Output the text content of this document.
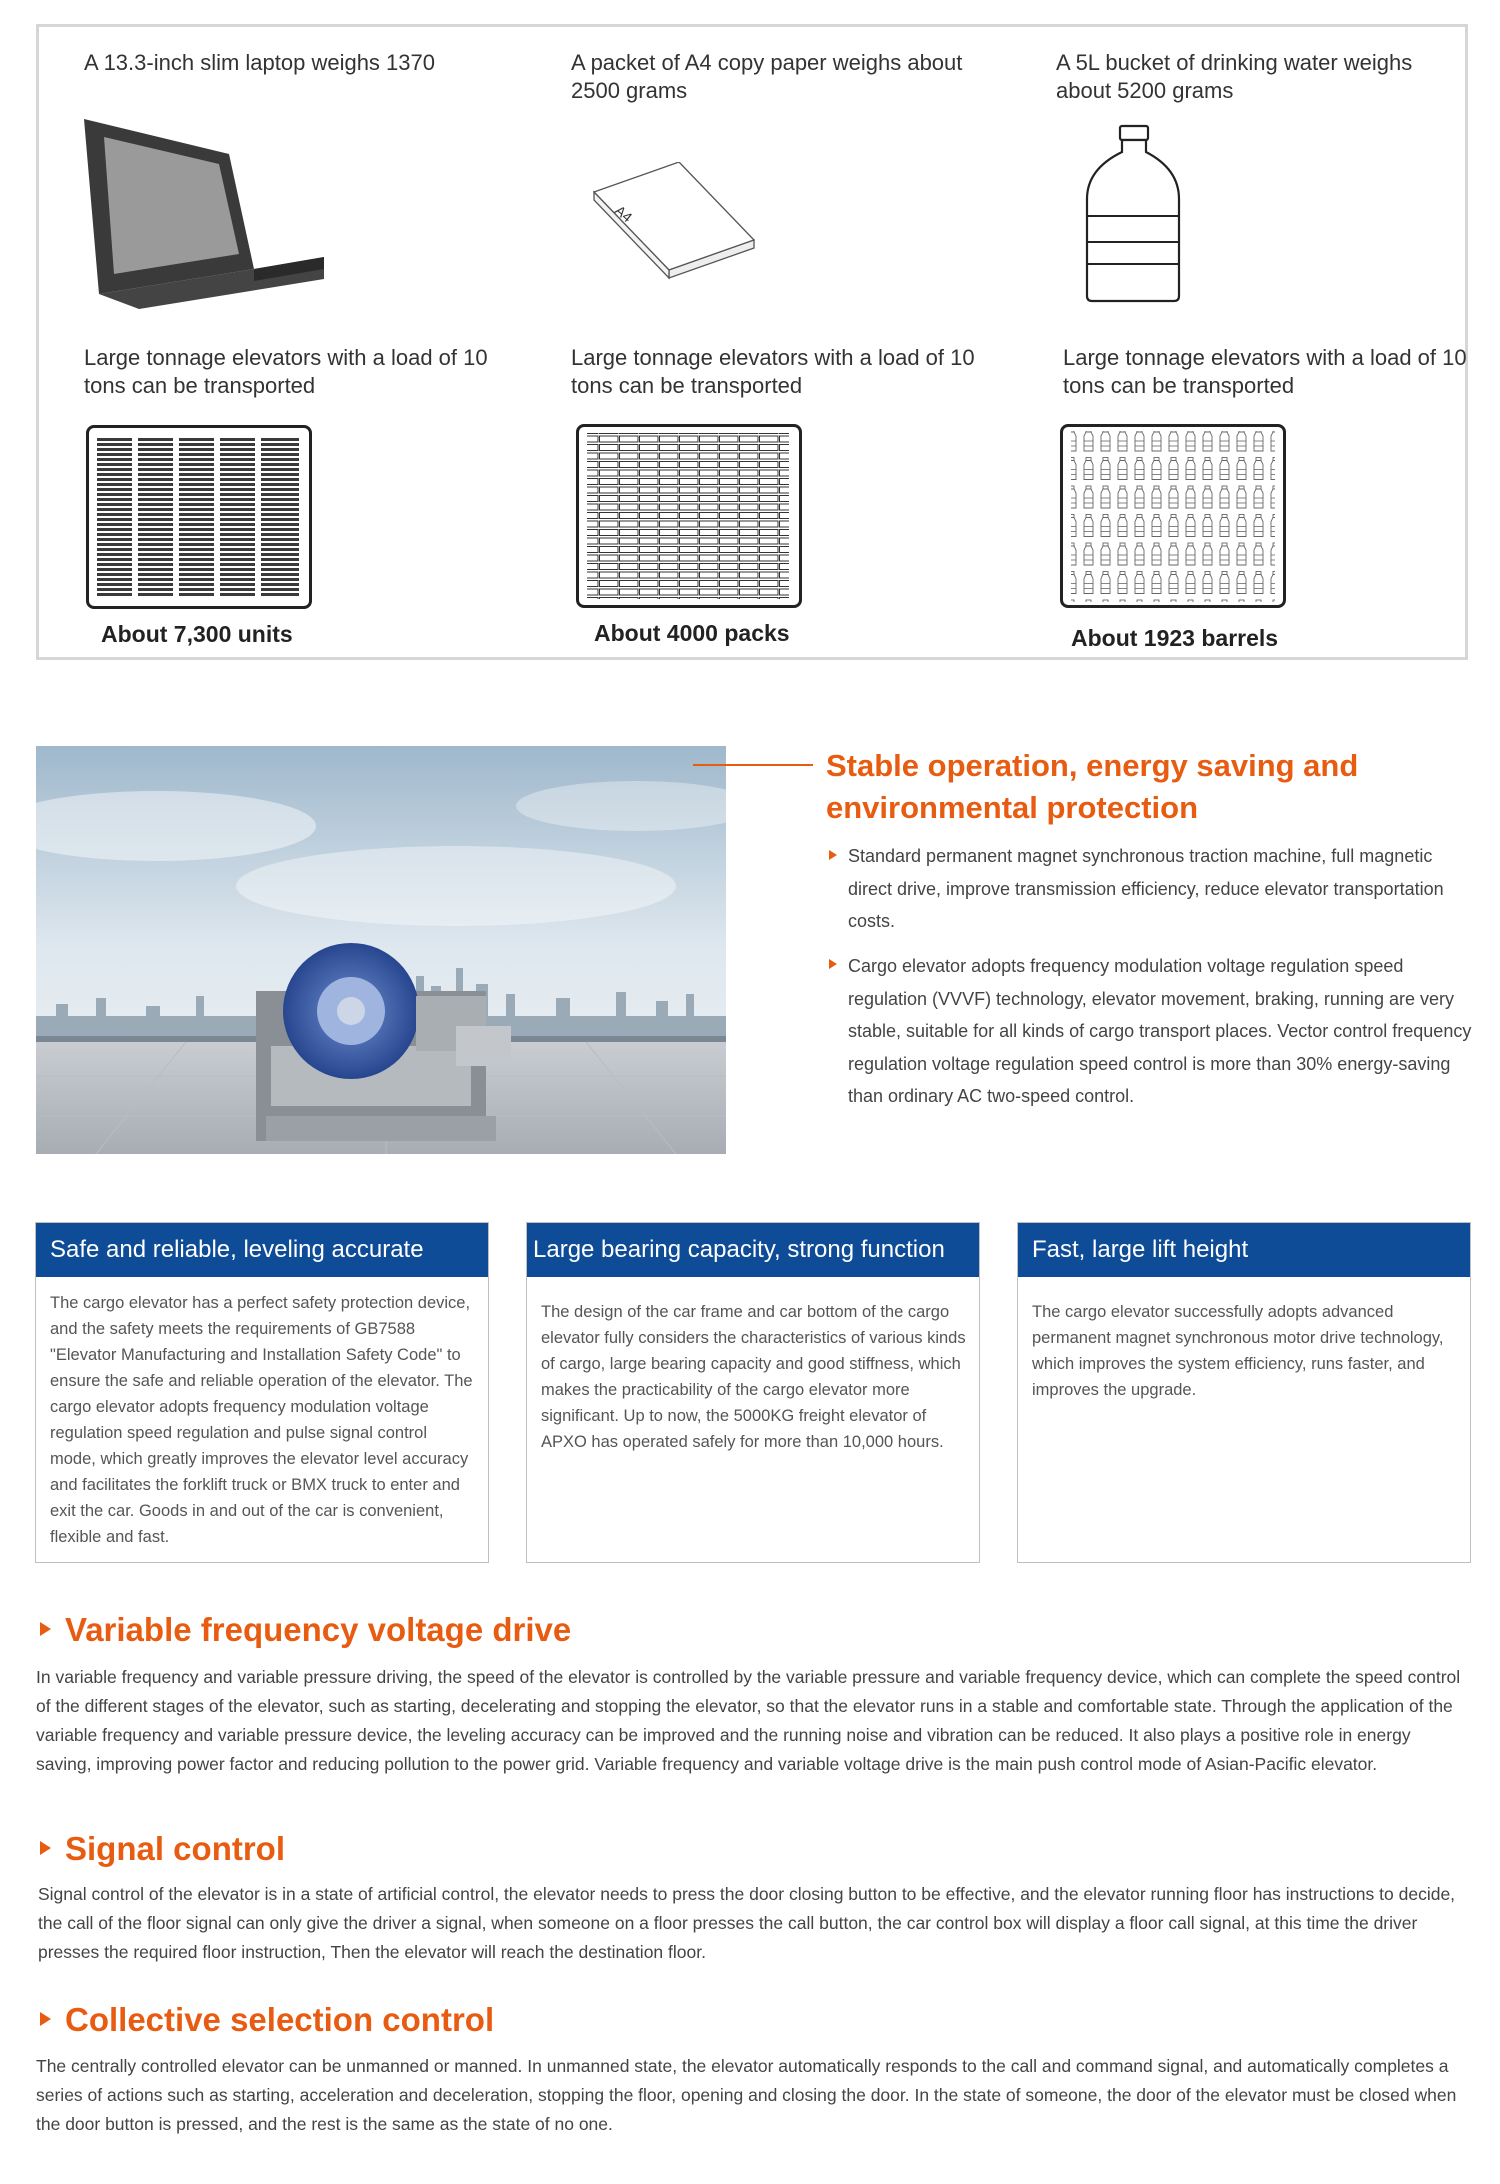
A 13.3-inch slim laptop weighs 1370
Large tonnage elevators with a load of 10 tons can be transported
About 7,300 units
A packet of A4 copy paper weighs about 2500 grams
A4
Large tonnage elevators with a load of 10 tons can be transported
About 4000 packs
A 5L bucket of drinking water weighs about 5200 grams
Large tonnage elevators with a load of 10 tons can be transported
About 1923 barrels
Stable operation, energy saving and environmental protection
Standard permanent magnet synchronous traction machine, full magnetic direct drive, improve transmission efficiency, reduce elevator transportation costs.
Cargo elevator adopts frequency modulation voltage regulation speed regulation (VVVF) technology, elevator movement, braking, running are very stable, suitable for all kinds of cargo transport places. Vector control frequency regulation voltage regulation speed control is more than 30% energy-saving than ordinary AC two-speed control.
Safe and reliable, leveling accurate
The cargo elevator has a perfect safety protection device, and the safety meets the requirements of GB7588 "Elevator Manufacturing and Installation Safety Code" to ensure the safe and reliable operation of the elevator. The cargo elevator adopts frequency modulation voltage regulation speed regulation and pulse signal control mode, which greatly improves the elevator level accuracy and facilitates the forklift truck or BMX truck to enter and exit the car. Goods in and out of the car is convenient, flexible and fast.
Large bearing capacity, strong function
The design of the car frame and car bottom of the cargo elevator fully considers the characteristics of various kinds of cargo, large bearing capacity and good stiffness, which makes the practicability of the cargo elevator more significant. Up to now, the 5000KG freight elevator of APXO has operated safely for more than 10,000 hours.
Fast, large lift height
The cargo elevator successfully adopts advanced permanent magnet synchronous motor drive technology, which improves the system efficiency, runs faster, and improves the upgrade.
Variable frequency voltage drive
In variable frequency and variable pressure driving, the speed of the elevator is controlled by the variable pressure and variable frequency device, which can complete the speed control of the different stages of the elevator, such as starting, decelerating and stopping the elevator, so that the elevator runs in a stable and comfortable state. Through the application of the variable frequency and variable pressure device, the leveling accuracy can be improved and the running noise and vibration can be reduced. It also plays a positive role in energy saving, improving power factor and reducing pollution to the power grid. Variable frequency and variable voltage drive is the main push control mode of Asian-Pacific elevator.
Signal control
Signal control of the elevator is in a state of artificial control, the elevator needs to press the door closing button to be effective, and the elevator running floor has instructions to decide, the call of the floor signal can only give the driver a signal, when someone on a floor presses the call button, the car control box will display a floor call signal, at this time the driver presses the required floor instruction, Then the elevator will reach the destination floor.
Collective selection control
The centrally controlled elevator can be unmanned or manned. In unmanned state, the elevator automatically responds to the call and command signal, and automatically completes a series of actions such as starting, acceleration and deceleration, stopping the floor, opening and closing the door. In the state of someone, the door of the elevator must be closed when the door button is pressed, and the rest is the same as the state of no one.
